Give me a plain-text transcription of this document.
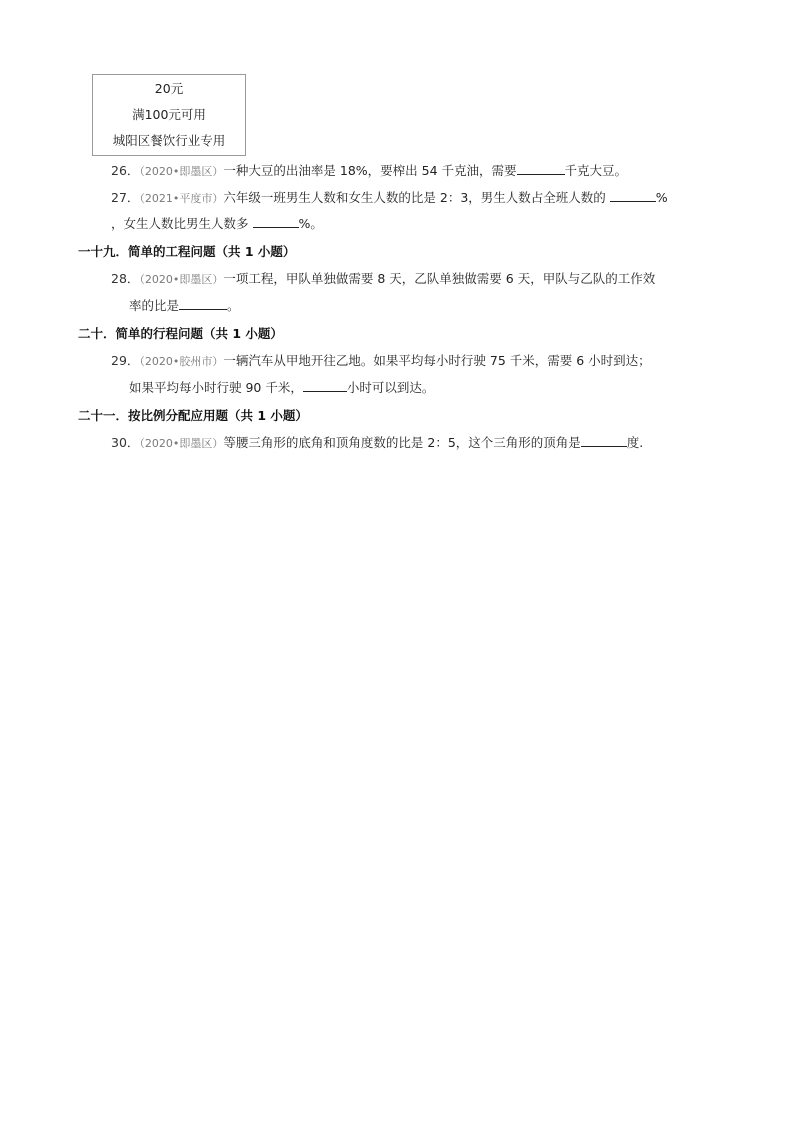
20元
满100元可用
城阳区餐饮行业专用
26．（2020•即墨区）一种大豆的出油率是 18%，要榨出 54 千克油，需要	千克大豆。
27．（2021•平度市）六年级一班男生人数和女生人数的比是 2：3，男生人数占全班人数的	%
，女生人数比男生人数多	%。
一十九．简单的工程问题（共 1 小题）
28．（2020•即墨区）一项工程，甲队单独做需要 8 天，乙队单独做需要 6 天，甲队与乙队的工作效
率的比是	。
二十．简单的行程问题（共 1 小题）
29．（2020•胶州市）一辆汽车从甲地开往乙地。如果平均每小时行驶 75 千米，需要 6 小时到达；
如果平均每小时行驶 90 千米，	小时可以到达。
二十一．按比例分配应用题（共 1 小题）
30．（2020•即墨区）等腰三角形的底角和顶角度数的比是 2：5，这个三角形的顶角是	度.
